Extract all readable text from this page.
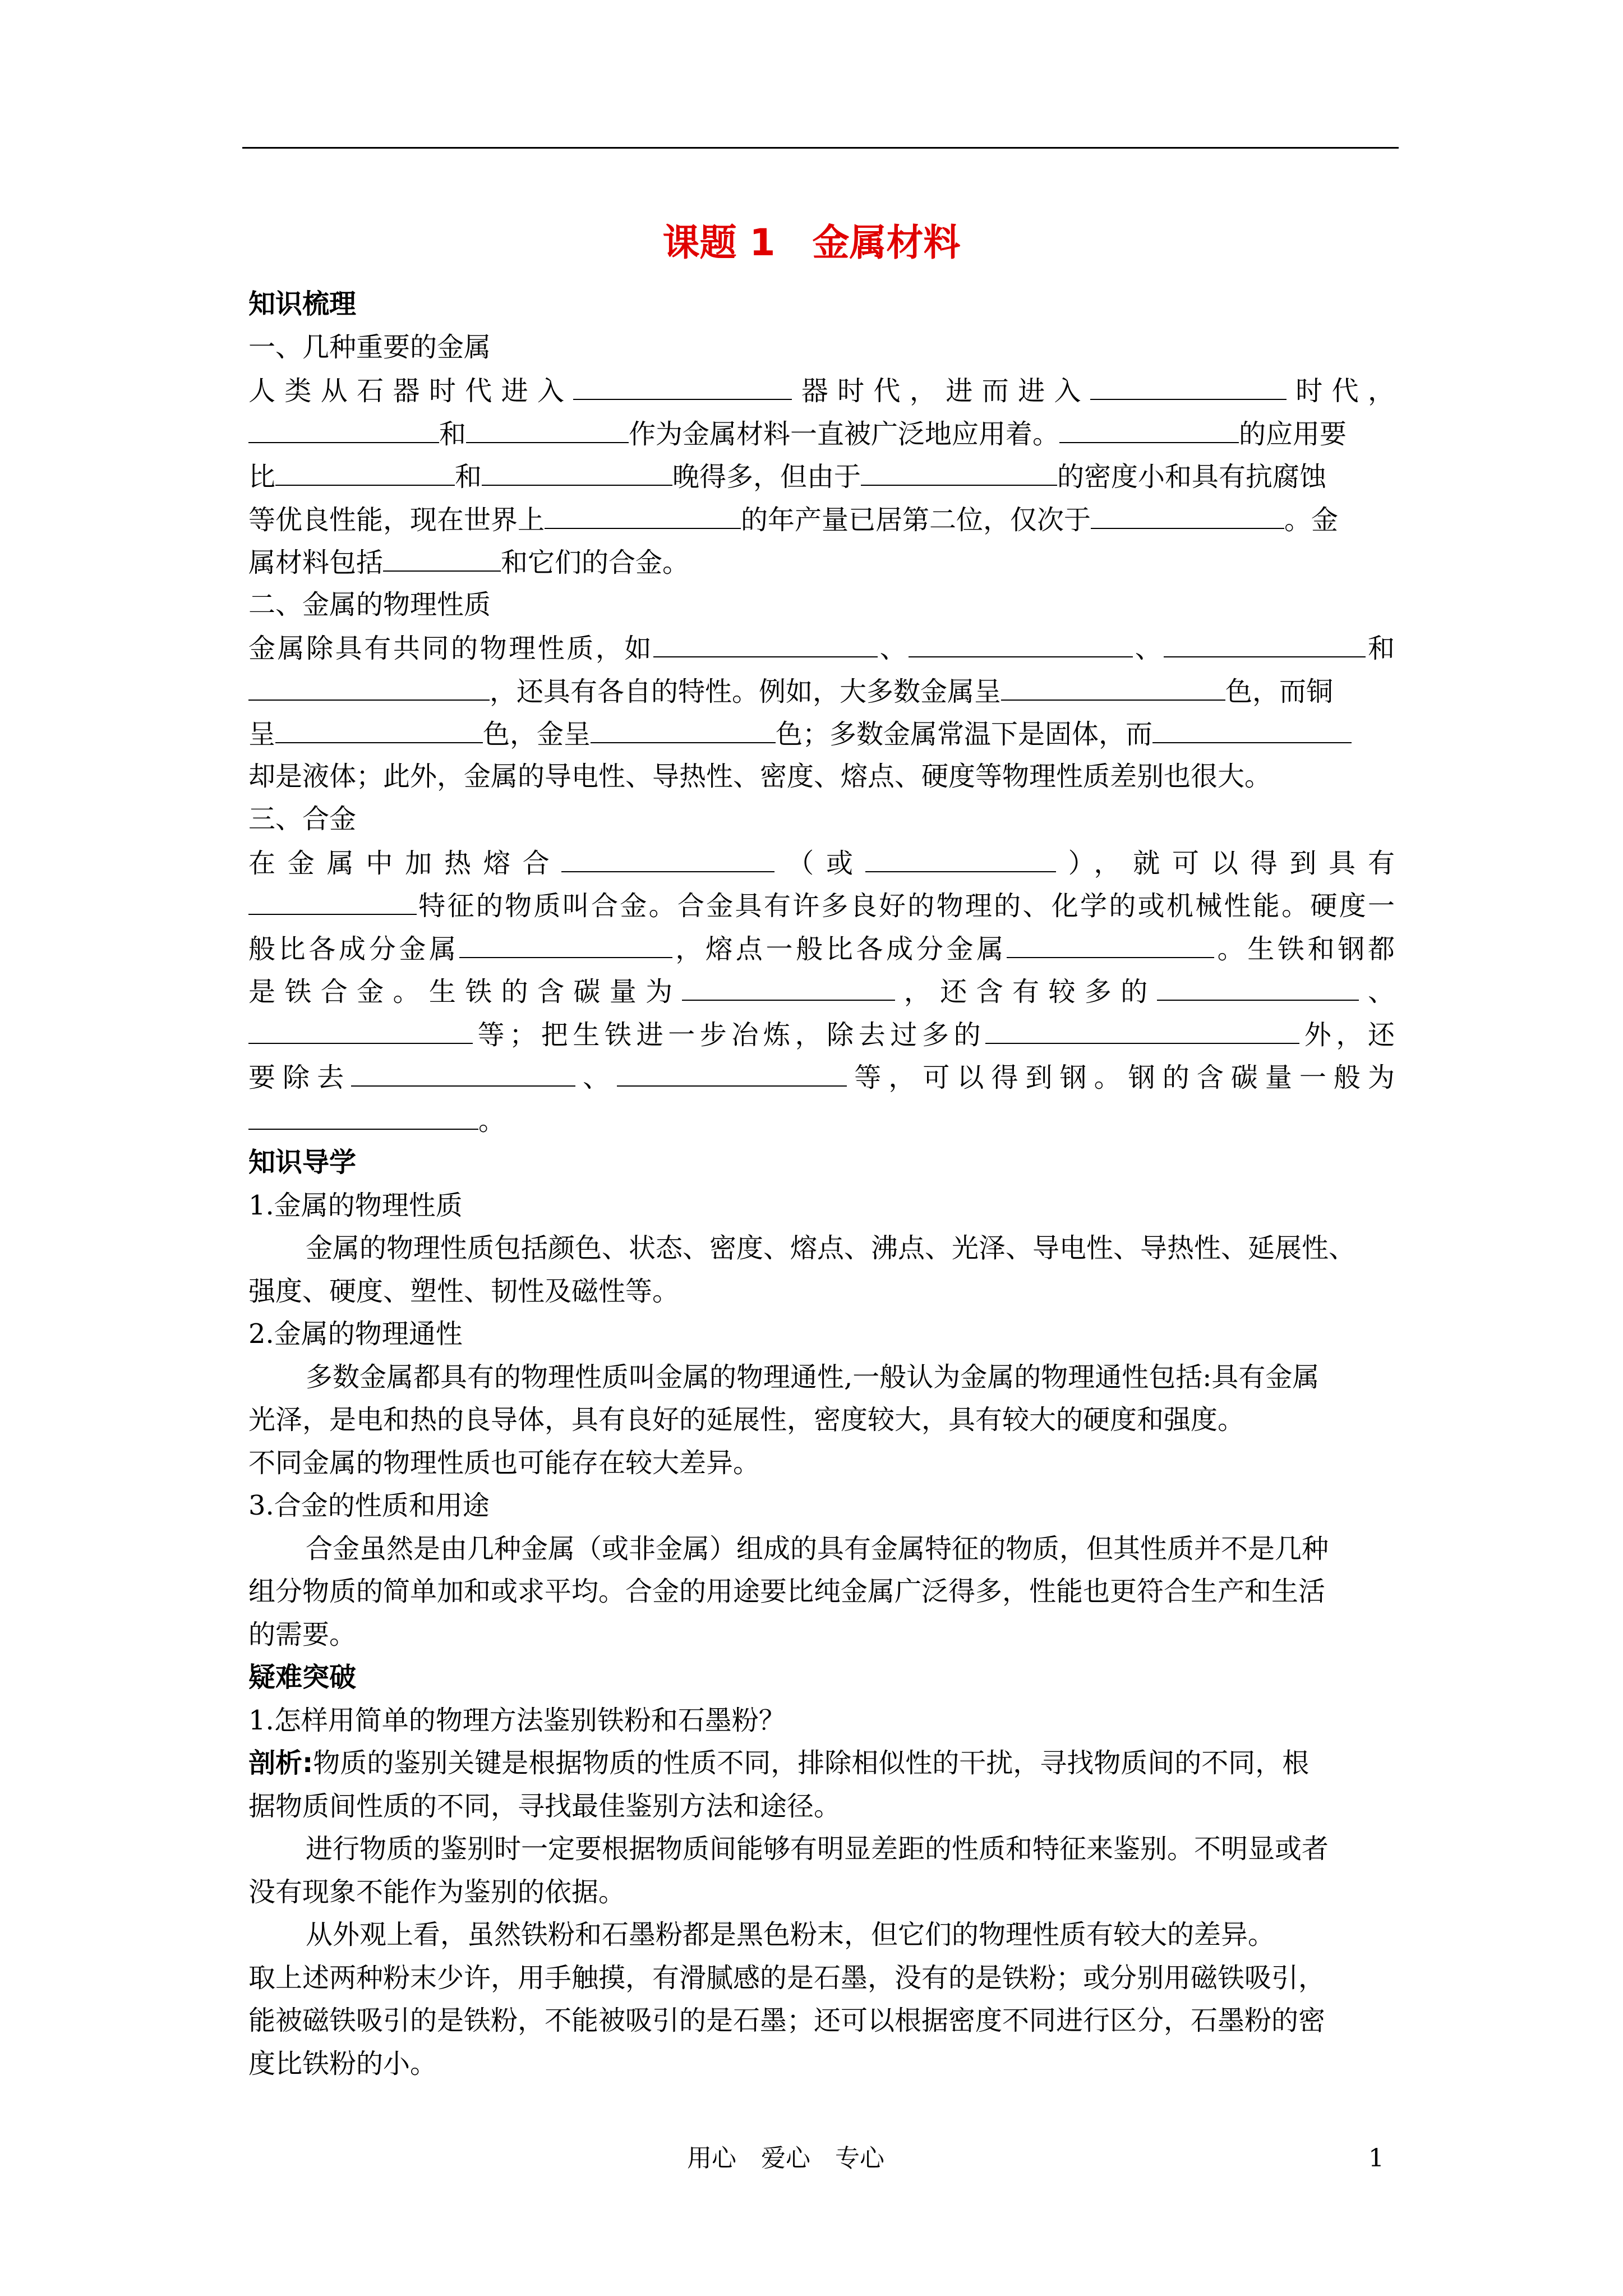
课题 1　金属材料
知识梳理
一、几种重要的金属
人类从石器时代进入	器时代，进而进入	时代，
和	作为金属材料一直被广泛地应用着。	的应用要
比	和	晚得多，但由于	的密度小和具有抗腐蚀
等优良性能，现在世界上	的年产量已居第二位，仅次于	。金
属材料包括	和它们的合金。
二、金属的物理性质
金属除具有共同的物理性质，如	、	、	和
，还具有各自的特性。例如，大多数金属呈	色，而铜
呈	色，金呈	色；多数金属常温下是固体，而
却是液体；此外，金属的导电性、导热性、密度、熔点、硬度等物理性质差别也很大。
三、合金
在金属中加热熔合	（或	），就可以得到具有
特征的物质叫合金。合金具有许多良好的物理的、化学的或机械性能。硬度一
般比各成分金属	，熔点一般比各成分金属	。生铁和钢都
是铁合金。生铁的含碳量为	，还含有较多的	、
等；把生铁进一步冶炼，除去过多的	外，还
要除去	、	等，可以得到钢。钢的含碳量一般为
。
知识导学
1.金属的物理性质
金属的物理性质包括颜色、状态、密度、熔点、沸点、光泽、导电性、导热性、延展性、
强度、硬度、塑性、韧性及磁性等。
2.金属的物理通性
多数金属都具有的物理性质叫金属的物理通性,一般认为金属的物理通性包括:具有金属
光泽，是电和热的良导体，具有良好的延展性，密度较大，具有较大的硬度和强度。
不同金属的物理性质也可能存在较大差异。
3.合金的性质和用途
合金虽然是由几种金属（或非金属）组成的具有金属特征的物质，但其性质并不是几种
组分物质的简单加和或求平均。合金的用途要比纯金属广泛得多，性能也更符合生产和生活
的需要。
疑难突破
1.怎样用简单的物理方法鉴别铁粉和石墨粉？
剖析:物质的鉴别关键是根据物质的性质不同，排除相似性的干扰，寻找物质间的不同，根
据物质间性质的不同，寻找最佳鉴别方法和途径。
进行物质的鉴别时一定要根据物质间能够有明显差距的性质和特征来鉴别。不明显或者
没有现象不能作为鉴别的依据。
从外观上看，虽然铁粉和石墨粉都是黑色粉末，但它们的物理性质有较大的差异。
取上述两种粉末少许，用手触摸，有滑腻感的是石墨，没有的是铁粉；或分别用磁铁吸引，
能被磁铁吸引的是铁粉，不能被吸引的是石墨；还可以根据密度不同进行区分，石墨粉的密
度比铁粉的小。
用心　爱心　专心	1
